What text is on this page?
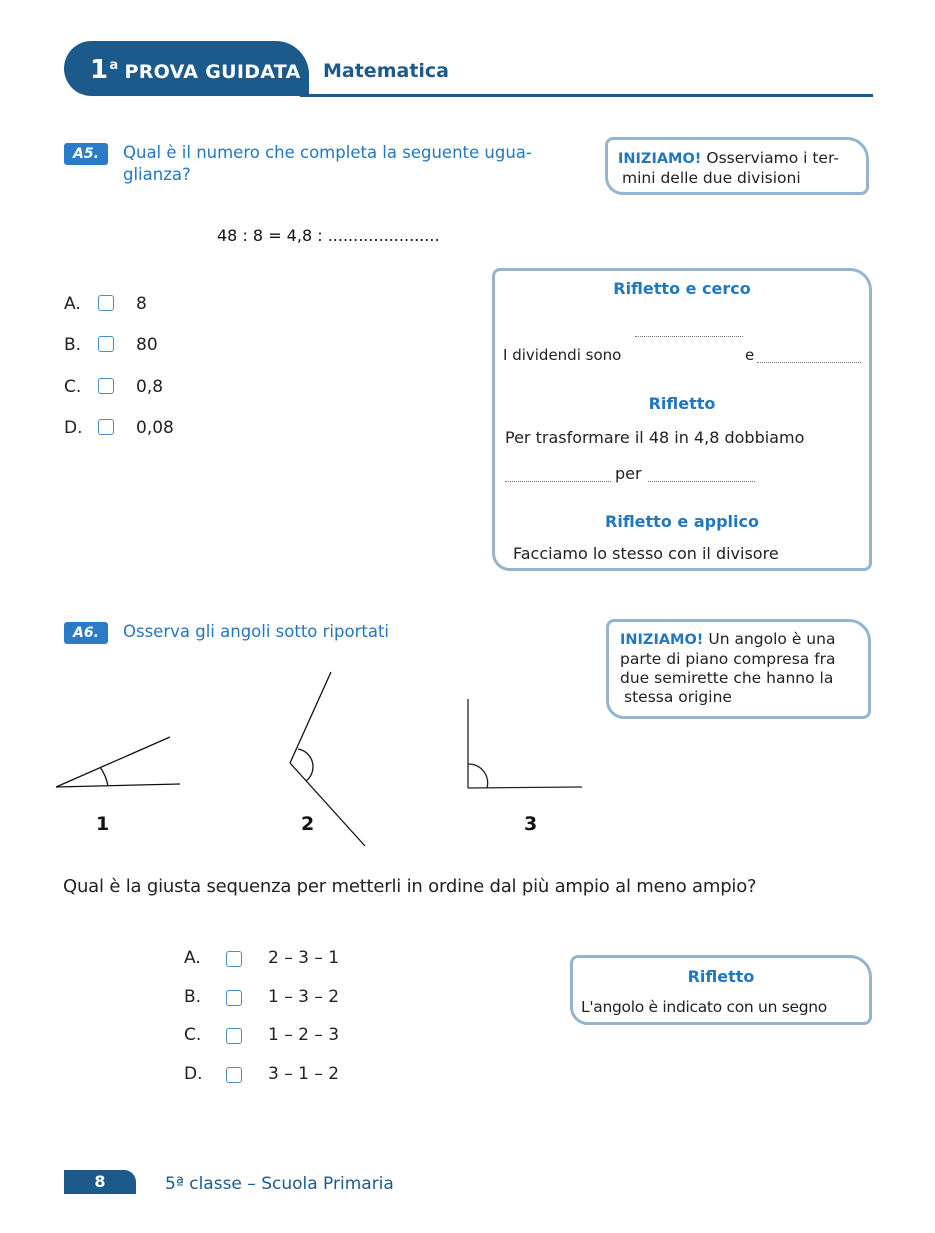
1$^a$ PROVA GUIDATA Matematica
A5.	Qual è il numero che completa la seguente ugua-
glianza?
INIZIAMO! Osserviamo i ter-
mini delle due divisioni
48 : 8 = 4,8 : ......................
A.	8
B.	80
C.	0,8
D.	0,08
Rifletto e cerco
I dividendi sono	e
Rifletto
Per trasformare il 48 in 4,8 dobbiamo
per
Rifletto e applico
Facciamo lo stesso con il divisore
A6.	Osserva gli angoli sotto riportati	INIZIAMO! Un angolo è una
parte di piano compresa fra
due semirette che hanno la
stessa origine
1	2	3
Qual è la giusta sequenza per metterli in ordine dal più ampio al meno ampio?
A.	2 – 3 – 1
B.	1 – 3 – 2
C.	1 – 2 – 3
D.	3 – 1 – 2
Rifletto
L'angolo è indicato con un segno
8	5ª classe – Scuola Primaria
